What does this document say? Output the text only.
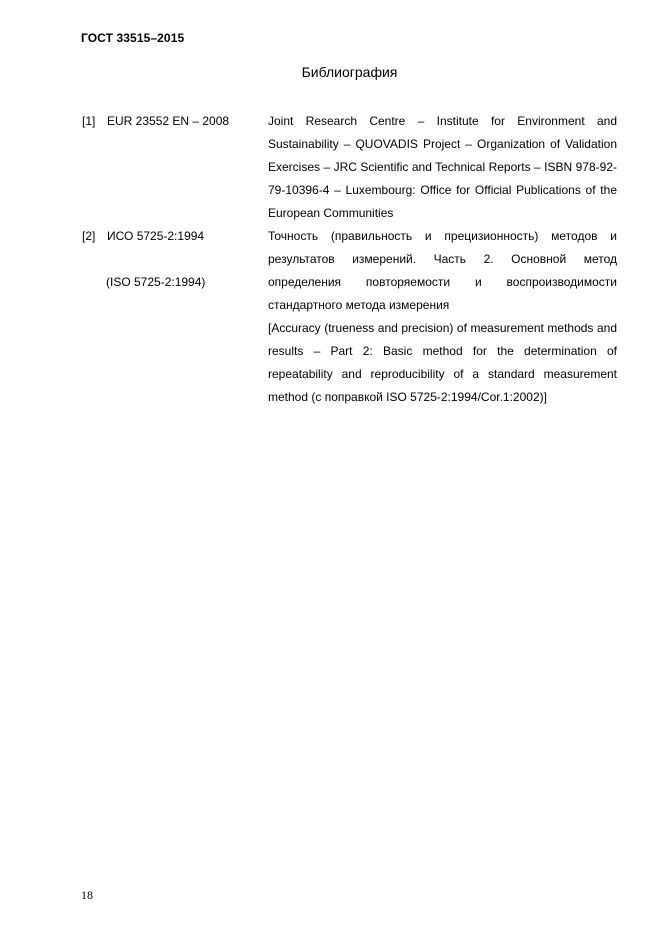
ГОСТ 33515–2015
Библиография
[1] EUR 23552 EN – 2008	Joint Research Centre – Institute for Environment and Sustainability – QUOVADIS Project – Organization of Validation Exercises – JRC Scientific and Technical Reports – ISBN 978-92-79-10396-4 – Luxembourg: Office for Official Publications of the European Communities
[2] ИСО 5725-2:1994
(ISO 5725-2:1994)
Точность (правильность и прецизионность) методов и результатов измерений. Часть 2. Основной метод определения повторяемости и воспроизводимости стандартного метода измерения
[Accuracy (trueness and precision) of measurement methods and results – Part 2: Basic method for the determination of repeatability and reproducibility of a standard measurement method (с поправкой ISO 5725-2:1994/Cor.1:2002)]
18
